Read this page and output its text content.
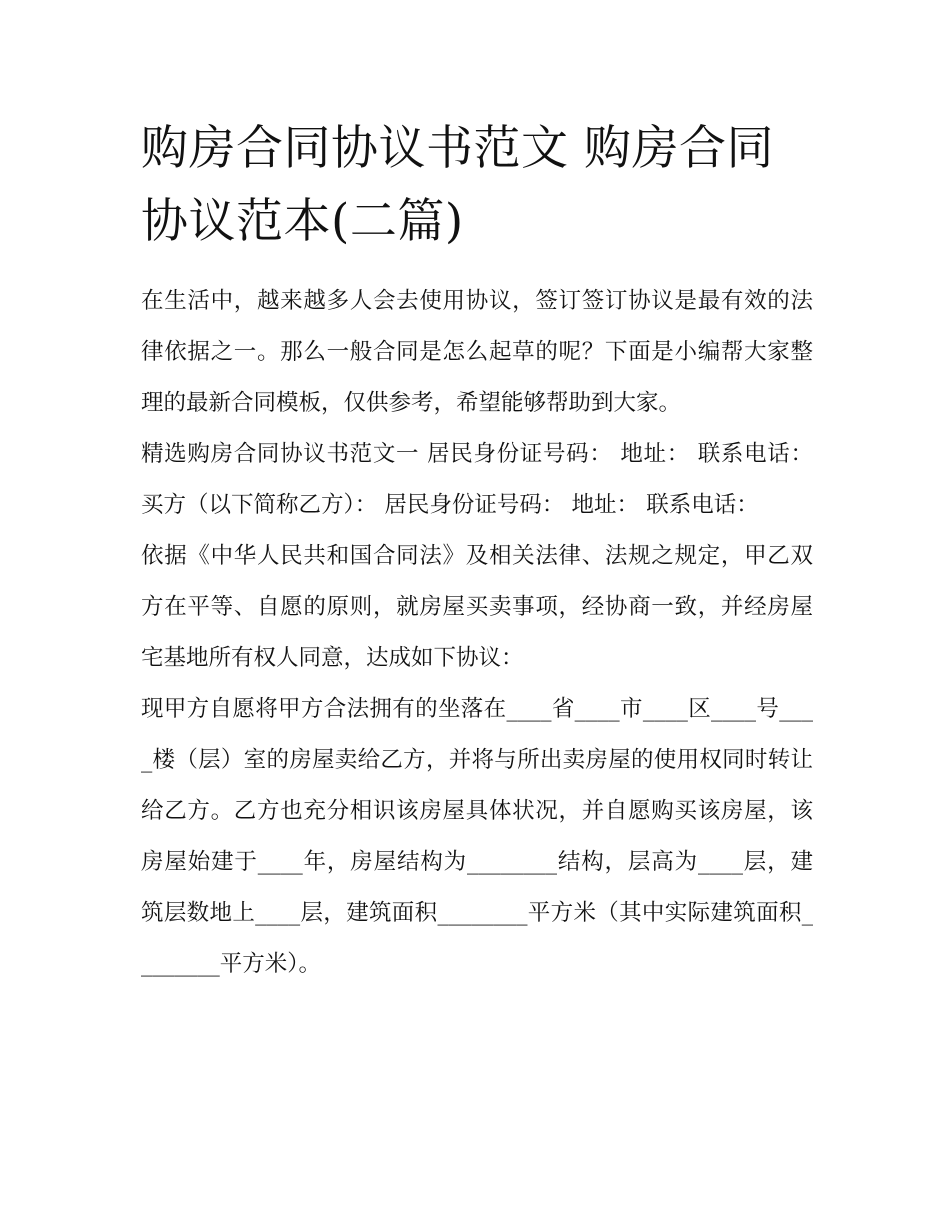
购房合同协议书范文 购房合同协议范本(二篇)

在生活中，越来越多人会去使用协议，签订签订协议是最有效的法律依据之一。那么一般合同是怎么起草的呢？下面是小编帮大家整理的最新合同模板，仅供参考，希望能够帮助到大家。

精选购房合同协议书范文一 居民身份证号码： 地址： 联系电话： 买方（以下简称乙方）： 居民身份证号码： 地址： 联系电话：

依据《中华人民共和国合同法》及相关法律、法规之规定，甲乙双方在平等、自愿的原则，就房屋买卖事项，经协商一致，并经房屋宅基地所有权人同意，达成如下协议：

现甲方自愿将甲方合法拥有的坐落在____省____市____区____号____楼（层）室的房屋卖给乙方，并将与所出卖房屋的使用权同时转让给乙方。乙方也充分相识该房屋具体状况，并自愿购买该房屋，该房屋始建于____年，房屋结构为________结构，层高为____层，建筑层数地上____层，建筑面积________平方米（其中实际建筑面积________平方米）。
